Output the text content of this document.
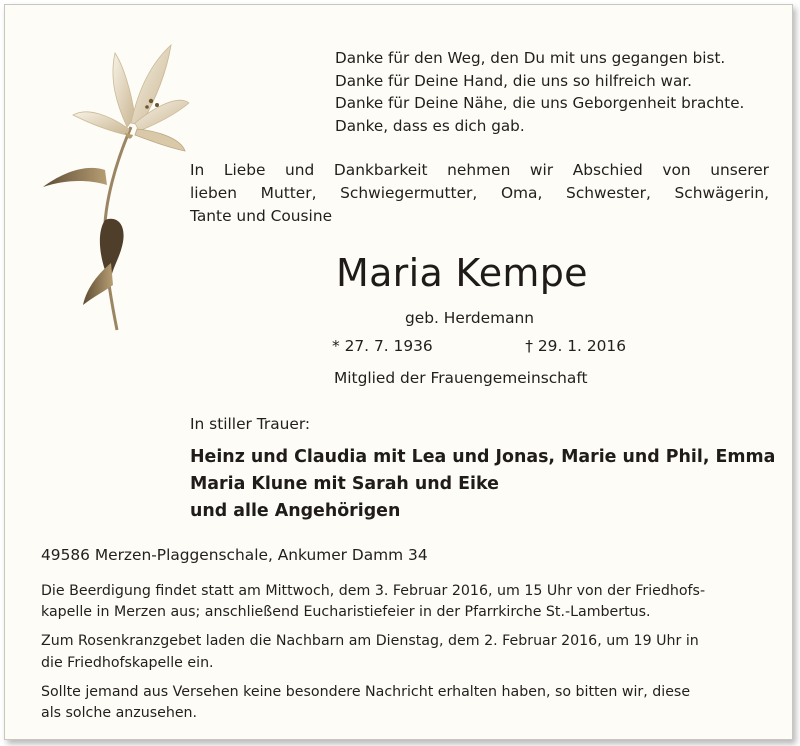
Danke für den Weg, den Du mit uns gegangen bist.
Danke für Deine Hand, die uns so hilfreich war.
Danke für Deine Nähe, die uns Geborgenheit brachte.
Danke, dass es dich gab.
In Liebe und Dankbarkeit nehmen wir Abschied von unserer
lieben Mutter, Schwiegermutter, Oma, Schwester, Schwägerin,
Tante und Cousine
Maria Kempe
geb. Herdemann
* 27. 7. 1936	† 29. 1. 2016
Mitglied der Frauengemeinschaft
In stiller Trauer:
Heinz und Claudia mit Lea und Jonas, Marie und Phil, Emma
Maria Klune mit Sarah und Eike
und alle Angehörigen
49586 Merzen-Plaggenschale, Ankumer Damm 34

Die Beerdigung findet statt am Mittwoch, dem 3. Februar 2016, um 15 Uhr von der Friedhofs-
kapelle in Merzen aus; anschließend Eucharistiefeier in der Pfarrkirche St.-Lambertus.

Zum Rosenkranzgebet laden die Nachbarn am Dienstag, dem 2. Februar 2016, um 19 Uhr in
die Friedhofskapelle ein.

Sollte jemand aus Versehen keine besondere Nachricht erhalten haben, so bitten wir, diese
als solche anzusehen.
